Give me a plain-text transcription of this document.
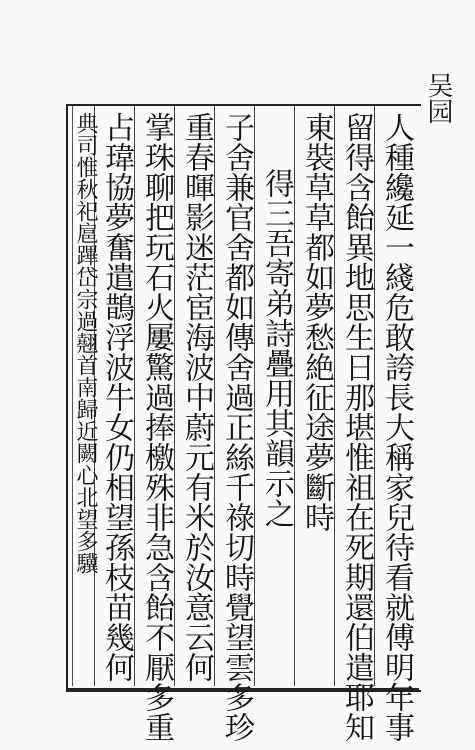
吴园
人種纔延一綫危敢誇長大稱家兒待看就傅明年事
留得含飴異地思生日那堪惟祖在死期還伯遣耶知
東裝草草都如夢愁絶征途夢斷時
得三吾寄弟詩疊用其韻示之
子舍兼官舍都如傳舍過正絲千祿切時覺望雲多珍
重春暉影迷茫宦海波中蔚元有米於汝意云何
掌珠聊把玩石火屢驚過捧檄殊非急含飴不厭多重
占瑋協夢奮遣鵲浮波牛女仍相望孫枝苗幾何
典司惟秋祀扈蹕岱宗過翹首南歸近闕心北望多驥
